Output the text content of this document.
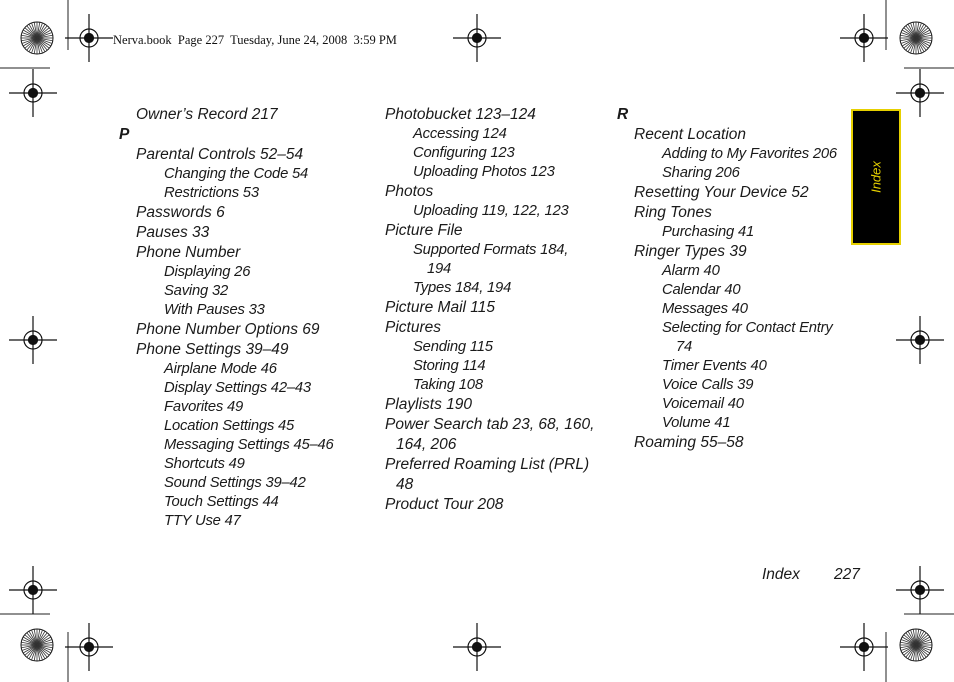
Nerva.book  Page 227  Tuesday, June 24, 2008  3:59 PM
Owner’s Record 217
P
Parental Controls 52–54
Changing the Code 54
Restrictions 53
Passwords 6
Pauses 33
Phone Number
Displaying 26
Saving 32
With Pauses 33
Phone Number Options 69
Phone Settings 39–49
Airplane Mode 46
Display Settings 42–43
Favorites 49
Location Settings 45
Messaging Settings 45–46
Shortcuts 49
Sound Settings 39–42
Touch Settings 44
TTY Use 47
Photobucket 123–124
Accessing 124
Configuring 123
Uploading Photos 123
Photos
Uploading 119, 122, 123
Picture File
Supported Formats 184,
194
Types 184, 194
Picture Mail 115
Pictures
Sending 115
Storing 114
Taking 108
Playlists 190
Power Search tab 23, 68, 160,
164, 206
Preferred Roaming List (PRL)
48
Product Tour 208
R
Recent Location
Adding to My Favorites 206
Sharing 206
Resetting Your Device 52
Ring Tones
Purchasing 41
Ringer Types 39
Alarm 40
Calendar 40
Messages 40
Selecting for Contact Entry
74
Timer Events 40
Voice Calls 39
Voicemail 40
Volume 41
Roaming 55–58
Index
Index 227
